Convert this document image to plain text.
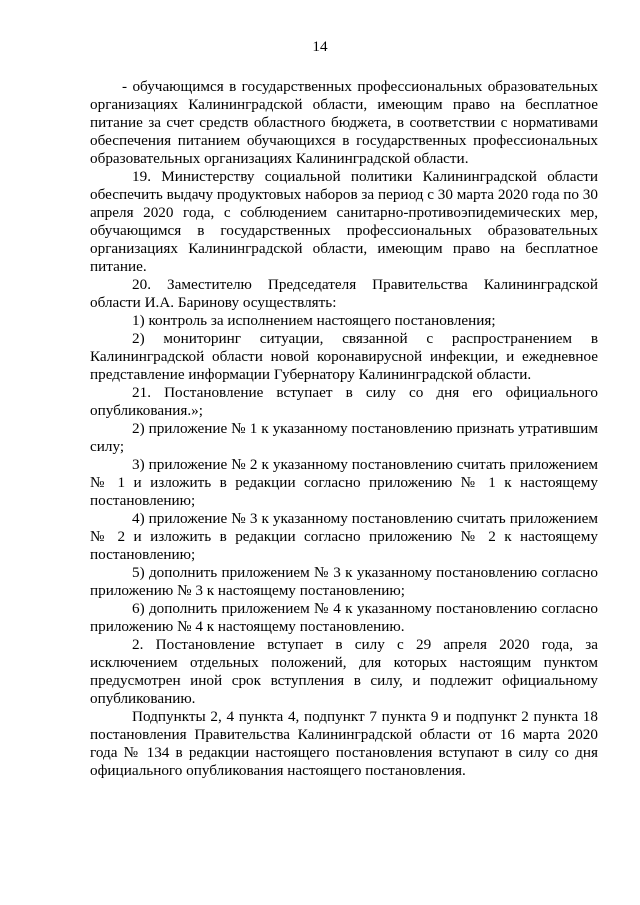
14

- обучающимся в государственных профессиональных образовательных организациях Калининградской области, имеющим право на бесплатное питание за счет средств областного бюджета, в соответствии с нормативами обеспечения питанием обучающихся в государственных профессиональных образовательных организациях Калининградской области.

19. Министерству социальной политики Калининградской области обеспечить выдачу продуктовых наборов за период с 30 марта 2020 года по 30 апреля 2020 года, с соблюдением санитарно-противоэпидемических мер, обучающимся в государственных профессиональных образовательных организациях Калининградской области, имеющим право на бесплатное питание.

20. Заместителю Председателя Правительства Калининградской области И.А. Баринову осуществлять:

1) контроль за исполнением настоящего постановления;

2) мониторинг ситуации, связанной с распространением в Калининградской области новой коронавирусной инфекции, и ежедневное представление информации Губернатору Калининградской области.

21. Постановление вступает в силу со дня его официального опубликования.»;

2) приложение № 1 к указанному постановлению признать утратившим силу;

3) приложение № 2 к указанному постановлению считать приложением № 1 и изложить в редакции согласно приложению № 1 к настоящему постановлению;

4) приложение № 3 к указанному постановлению считать приложением № 2 и изложить в редакции согласно приложению № 2 к настоящему постановлению;

5) дополнить приложением № 3 к указанному постановлению согласно приложению № 3 к настоящему постановлению;

6) дополнить приложением № 4 к указанному постановлению согласно приложению № 4 к настоящему постановлению.

2. Постановление вступает в силу с 29 апреля 2020 года, за исключением отдельных положений, для которых настоящим пунктом предусмотрен иной срок вступления в силу, и подлежит официальному опубликованию.

Подпункты 2, 4 пункта 4, подпункт 7 пункта 9 и подпункт 2 пункта 18 постановления Правительства Калининградской области от 16 марта 2020 года № 134 в редакции настоящего постановления вступают в силу со дня официального опубликования настоящего постановления.
